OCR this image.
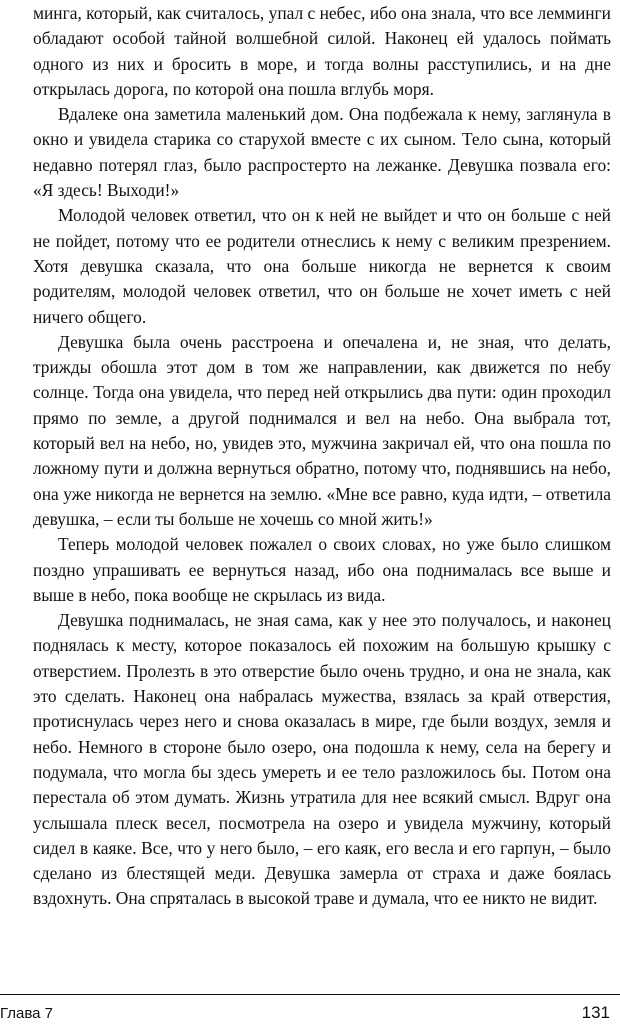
минга, который, как считалось, упал с небес, ибо она знала, что все лемминги обладают особой тайной волшебной силой. Наконец ей удалось поймать одного из них и бросить в море, и тогда волны расступились, и на дне открылась дорога, по которой она пошла вглубь моря.

Вдалеке она заметила маленький дом. Она подбежала к нему, заглянула в окно и увидела старика со старухой вместе с их сыном. Тело сына, который недавно потерял глаз, было распростерто на лежанке. Девушка позвала его: «Я здесь! Выходи!»

Молодой человек ответил, что он к ней не выйдет и что он больше с ней не пойдет, потому что ее родители отнеслись к нему с великим презрением. Хотя девушка сказала, что она больше никогда не вернется к своим родителям, молодой человек ответил, что он больше не хочет иметь с ней ничего общего.

Девушка была очень расстроена и опечалена и, не зная, что делать, трижды обошла этот дом в том же направлении, как движется по небу солнце. Тогда она увидела, что перед ней открылись два пути: один проходил прямо по земле, а другой поднимался и вел на небо. Она выбрала тот, который вел на небо, но, увидев это, мужчина закричал ей, что она пошла по ложному пути и должна вернуться обратно, потому что, поднявшись на небо, она уже никогда не вернется на землю. «Мне все равно, куда идти, – ответила девушка, – если ты больше не хочешь со мной жить!»

Теперь молодой человек пожалел о своих словах, но уже было слишком поздно упрашивать ее вернуться назад, ибо она поднималась все выше и выше в небо, пока вообще не скрылась из вида.

Девушка поднималась, не зная сама, как у нее это получалось, и наконец поднялась к месту, которое показалось ей похожим на большую крышку с отверстием. Пролезть в это отверстие было очень трудно, и она не знала, как это сделать. Наконец она набралась мужества, взялась за край отверстия, протиснулась через него и снова оказалась в мире, где были воздух, земля и небо. Немного в стороне было озеро, она подошла к нему, села на берегу и подумала, что могла бы здесь умереть и ее тело разложилось бы. Потом она перестала об этом думать. Жизнь утратила для нее всякий смысл. Вдруг она услышала плеск весел, посмотрела на озеро и увидела мужчину, который сидел в каяке. Все, что у него было, – его каяк, его весла и его гарпун, – было сделано из блестящей меди. Девушка замерла от страха и даже боялась вздохнуть. Она спряталась в высокой траве и думала, что ее никто не видит.

Глава 7	131
